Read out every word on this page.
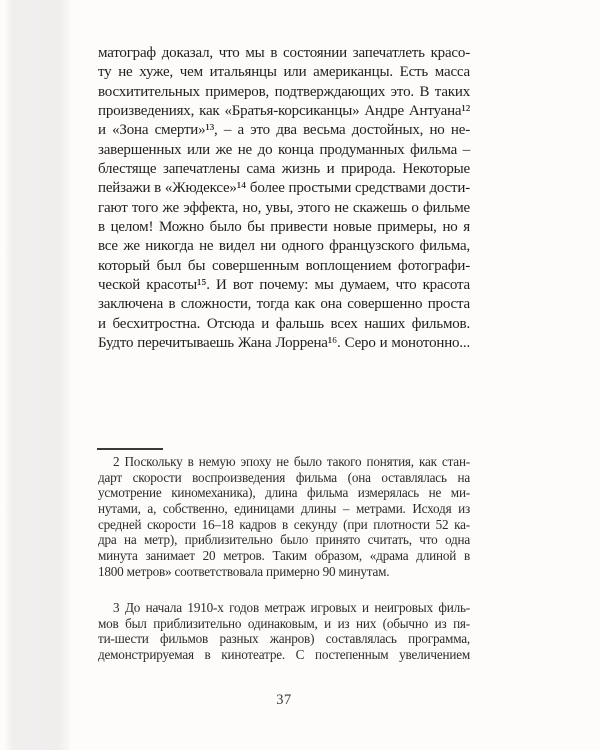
матограф доказал, что мы в состоянии запечатлеть красо-
ту не хуже, чем итальянцы или американцы. Есть масса
восхитительных примеров, подтверждающих это. В таких
произведениях, как «Братья-корсиканцы» Андре Антуана¹²
и «Зона смерти»¹³, – а это два весьма достойных, но не-
завершенных или же не до конца продуманных фильма –
блестяще запечатлены сама жизнь и природа. Некоторые
пейзажи в «Жюдексе»¹⁴ более простыми средствами дости-
гают того же эффекта, но, увы, этого не скажешь о фильме
в целом! Можно было бы привести новые примеры, но я
все же никогда не видел ни одного французского фильма,
который был бы совершенным воплощением фотографи-
ческой красоты¹⁵. И вот почему: мы думаем, что красота
заключена в сложности, тогда как она совершенно проста
и бесхитростна. Отсюда и фальшь всех наших фильмов.
Будто перечитываешь Жана Лоррена¹⁶. Серо и монотонно...
2 Поскольку в немую эпоху не было такого понятия, как стан-
дарт скорости воспроизведения фильма (она оставлялась на
усмотрение киномеханика), длина фильма измерялась не ми-
нутами, а, собственно, единицами длины – метрами. Исходя из
средней скорости 16–18 кадров в секунду (при плотности 52 ка-
дра на метр), приблизительно было принято считать, что одна
минута занимает 20 метров. Таким образом, «драма длиной в
1800 метров» соответствовала примерно 90 минутам.
3 До начала 1910-х годов метраж игровых и неигровых филь-
мов был приблизительно одинаковым, и из них (обычно из пя-
ти-шести фильмов разных жанров) составлялась программа,
демонстрируемая в кинотеатре. С постепенным увеличением
37
